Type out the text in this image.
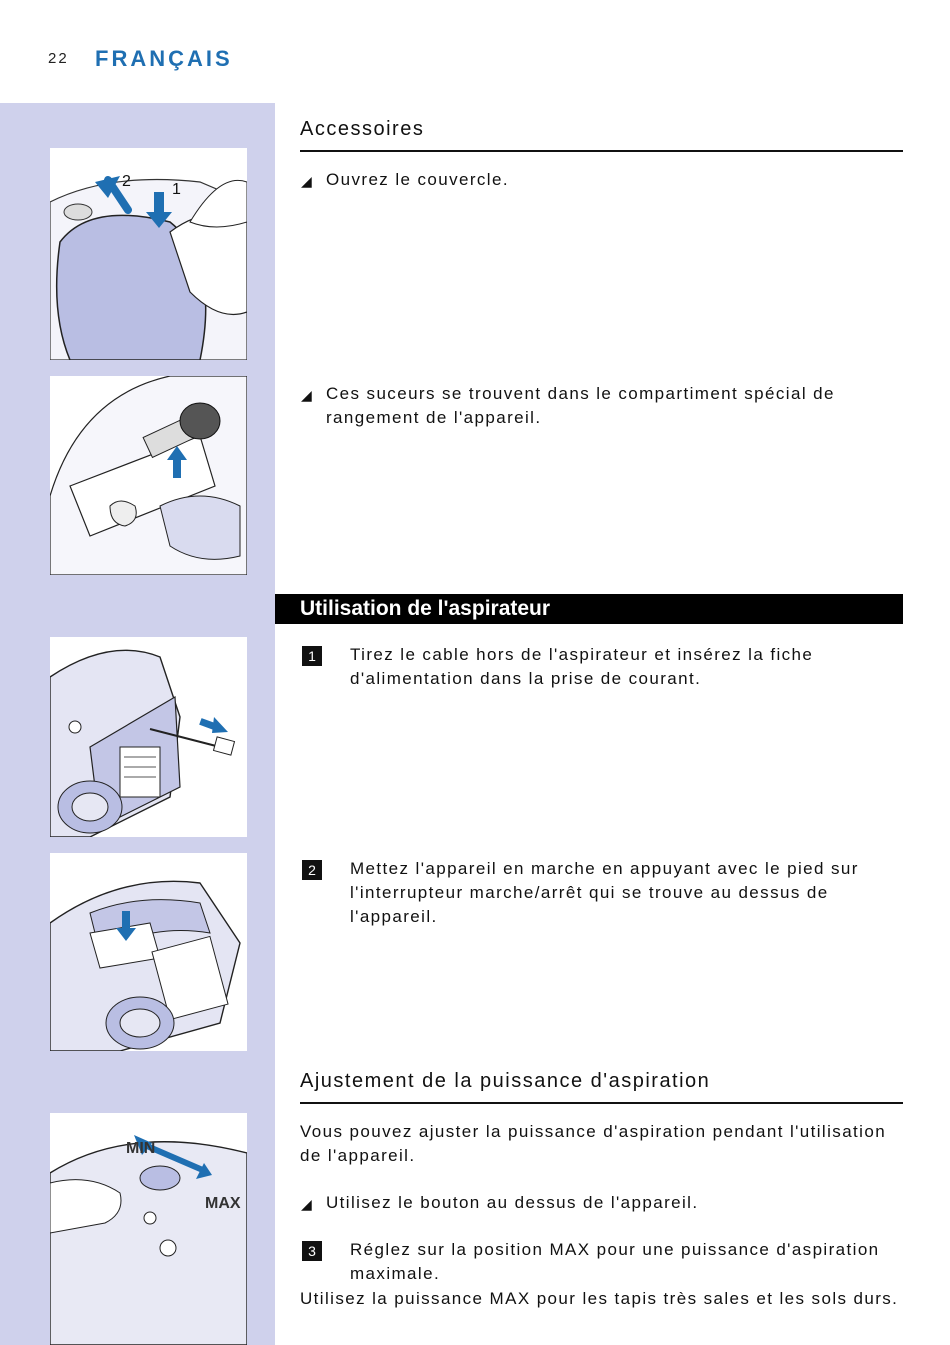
22 FRANÇAIS
2	1
MIN
MAX
Accessoires
◢ Ouvrez le couvercle.
◢ Ces suceurs se trouvent dans le compartiment spécial de rangement de l'appareil.
Utilisation de l'aspirateur
1	Tirez le cable hors de l'aspirateur et insérez la fiche d'alimentation dans la prise de courant.
2	Mettez l'appareil en marche en appuyant avec le pied sur l'interrupteur marche/arrêt qui se trouve au dessus de l'appareil.
Ajustement de la puissance d'aspiration
Vous pouvez ajuster la puissance d'aspiration pendant l'utilisation de l'appareil.
◢ Utilisez le bouton au dessus de l'appareil.
3	Réglez sur la position MAX pour une puissance d'aspiration maximale.
Utilisez la puissance MAX pour les tapis très sales et les sols durs.
